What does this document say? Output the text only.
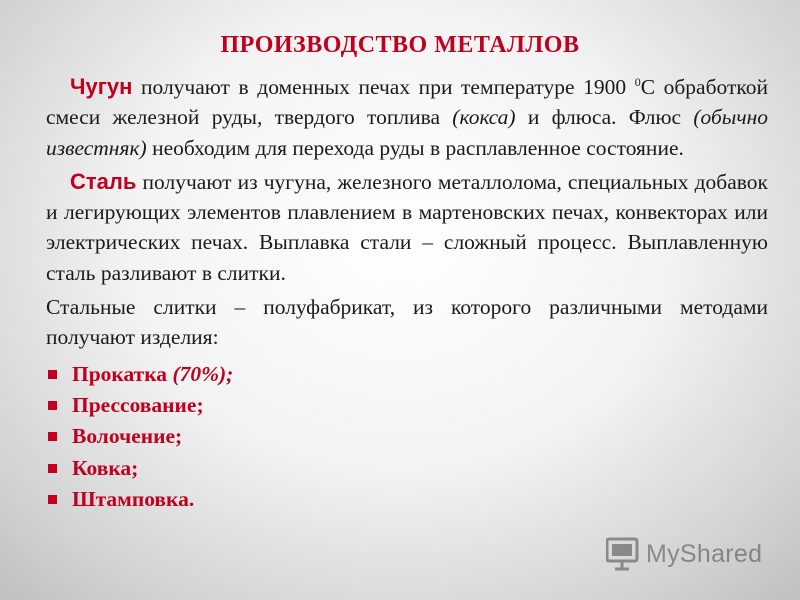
ПРОИЗВОДСТВО МЕТАЛЛОВ

Чугун получают в доменных печах при температуре 1900 $^0$С обработкой смеси железной руды, твердого топлива (кокса) и флюса. Флюс (обычно известняк) необходим для перехода руды в расплавленное состояние.

Сталь получают из чугуна, железного металлолома, специальных добавок и легирующих элементов плавлением в мартеновских печах, конвекторах или электрических печах. Выплавка стали – сложный процесс. Выплавленную сталь разливают в слитки.

Стальные слитки – полуфабрикат, из которого различными методами получают изделия:

Прокатка (70%);
Прессование;
Волочение;
Ковка;
Штамповка.
MyShared
